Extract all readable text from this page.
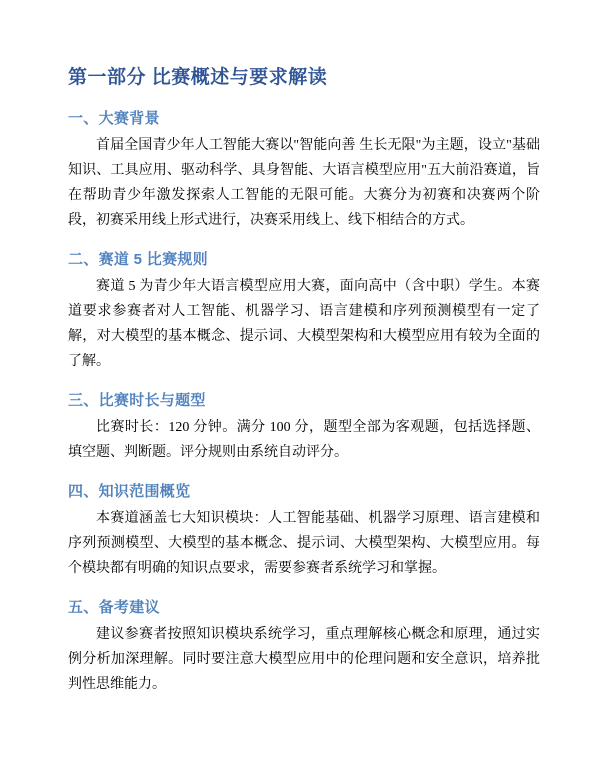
第一部分 比赛概述与要求解读
一、大赛背景

首届全国青少年人工智能大赛以"智能向善 生长无限"为主题，设立"基础知识、工具应用、驱动科学、具身智能、大语言模型应用"五大前沿赛道，旨在帮助青少年激发探索人工智能的无限可能。大赛分为初赛和决赛两个阶段，初赛采用线上形式进行，决赛采用线上、线下相结合的方式。

二、赛道 5 比赛规则

赛道 5 为青少年大语言模型应用大赛，面向高中（含中职）学生。本赛道要求参赛者对人工智能、机器学习、语言建模和序列预测模型有一定了解，对大模型的基本概念、提示词、大模型架构和大模型应用有较为全面的了解。

三、比赛时长与题型

比赛时长：120 分钟。满分 100 分，题型全部为客观题，包括选择题、填空题、判断题。评分规则由系统自动评分。

四、知识范围概览

本赛道涵盖七大知识模块：人工智能基础、机器学习原理、语言建模和序列预测模型、大模型的基本概念、提示词、大模型架构、大模型应用。每个模块都有明确的知识点要求，需要参赛者系统学习和掌握。

五、备考建议

建议参赛者按照知识模块系统学习，重点理解核心概念和原理，通过实例分析加深理解。同时要注意大模型应用中的伦理问题和安全意识，培养批判性思维能力。
